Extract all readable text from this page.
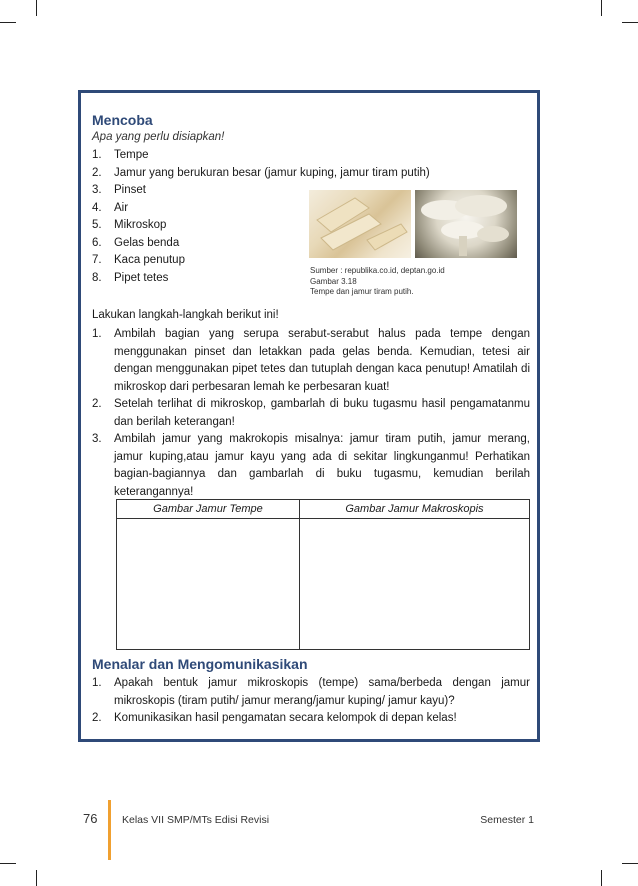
Mencoba
Apa yang perlu disiapkan!
1. Tempe
2. Jamur yang berukuran besar (jamur kuping, jamur tiram putih)
3. Pinset
4. Air
5. Mikroskop
6. Gelas benda
7. Kaca penutup
8. Pipet tetes
Sumber : republika.co.id, deptan.go.id
Gambar 3.18
Tempe dan jamur tiram putih.
Lakukan langkah-langkah berikut ini!
1. Ambilah bagian yang serupa serabut-serabut halus pada tempe dengan menggunakan pinset dan letakkan pada gelas benda. Kemudian, tetesi air dengan menggunakan pipet tetes dan tutuplah dengan kaca penutup! Amatilah di mikroskop dari perbesaran lemah ke perbesaran kuat!
2. Setelah terlihat di mikroskop, gambarlah di buku tugasmu hasil pengamatanmu dan berilah keterangan!
3. Ambilah jamur yang makrokopis misalnya: jamur tiram putih, jamur merang, jamur kuping,atau jamur kayu yang ada di sekitar lingkunganmu! Perhatikan bagian-bagiannya dan gambarlah di buku tugasmu, kemudian berilah keterangannya!
Gambar Jamur Tempe	Gambar Jamur Makroskopis

Menalar dan Mengomunikasikan
1. Apakah bentuk jamur mikroskopis (tempe) sama/berbeda dengan jamur mikroskopis (tiram putih/ jamur merang/jamur kuping/ jamur kayu)?
2. Komunikasikan hasil pengamatan secara kelompok di depan kelas!
76 Kelas VII SMP/MTs Edisi Revisi	Semester 1
